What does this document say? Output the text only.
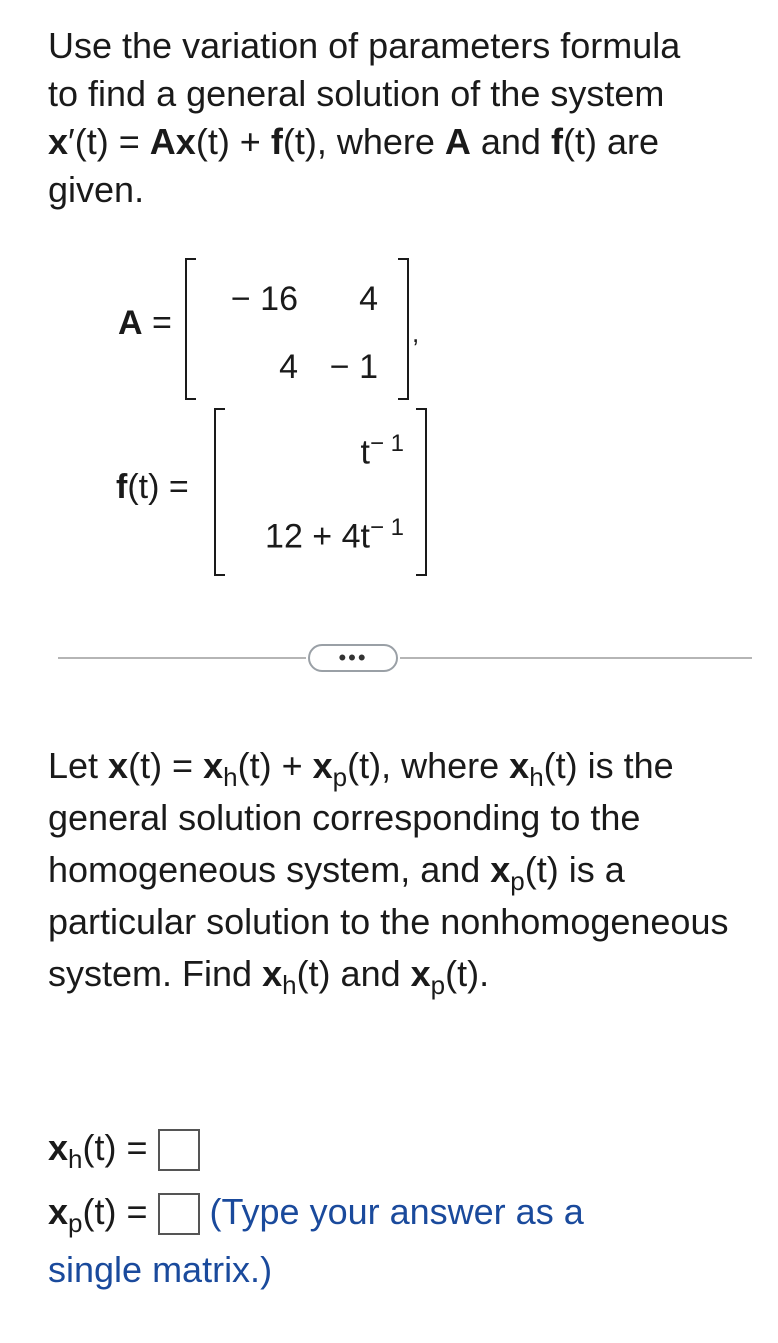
Use the variation of parameters formula
to find a general solution of the system
x′(t) = Ax(t) + f(t), where A and f(t) are
given.
A =
− 16	4
4 − 1
,
f(t) =
$t^{- 1}$
$12 + 4t^{- 1}$
•••
Let $x(t) = x_h(t) + x_p(t)$, where $x_h(t)$ is the general solution corresponding to the homogeneous system, and $x_p(t)$ is a particular solution to the nonhomogeneous system. Find $x_h(t)$ and $x_p(t)$.
$x_h(t)$ =
$x_p(t)$ = (Type your answer as a
single matrix.)
